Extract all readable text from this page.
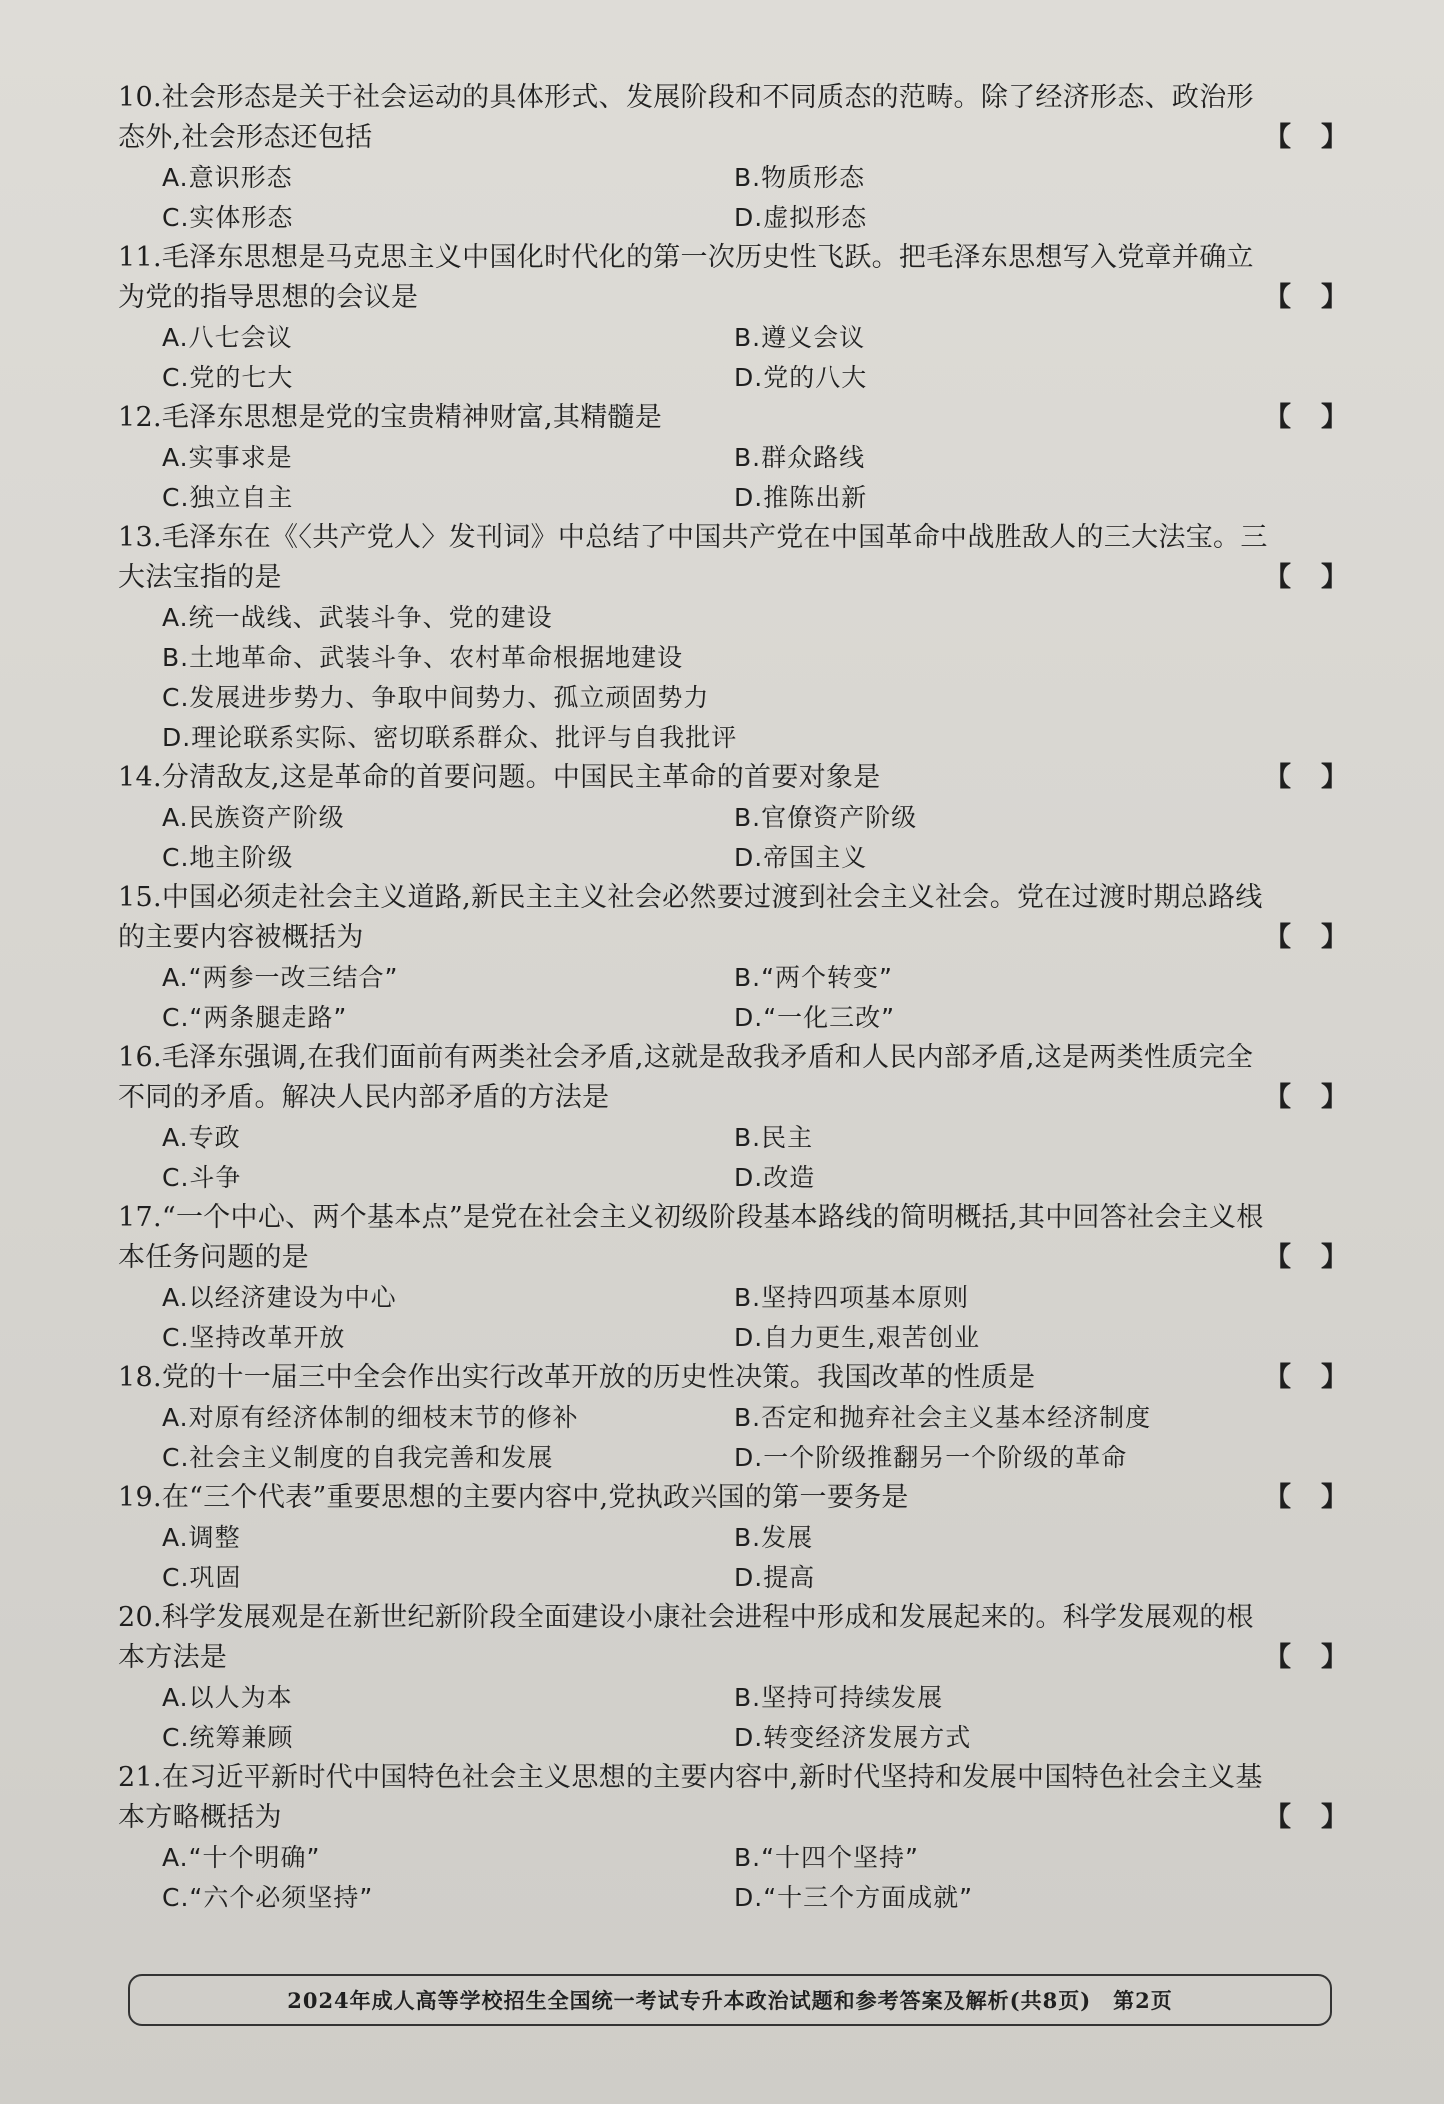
10.社会形态是关于社会运动的具体形式、发展阶段和不同质态的范畴。除了经济形态、政治形态外,社会形态还包括	【】
A.意识形态	B.物质形态
C.实体形态	D.虚拟形态
11.毛泽东思想是马克思主义中国化时代化的第一次历史性飞跃。把毛泽东思想写入党章并确立为党的指导思想的会议是	【】
A.八七会议	B.遵义会议
C.党的七大	D.党的八大
12.毛泽东思想是党的宝贵精神财富,其精髓是	【】
A.实事求是	B.群众路线
C.独立自主	D.推陈出新
13.毛泽东在《〈共产党人〉发刊词》中总结了中国共产党在中国革命中战胜敌人的三大法宝。三大法宝指的是	【】
A.统一战线、武装斗争、党的建设
B.土地革命、武装斗争、农村革命根据地建设
C.发展进步势力、争取中间势力、孤立顽固势力
D.理论联系实际、密切联系群众、批评与自我批评
14.分清敌友,这是革命的首要问题。中国民主革命的首要对象是	【】
A.民族资产阶级	B.官僚资产阶级
C.地主阶级	D.帝国主义
15.中国必须走社会主义道路,新民主主义社会必然要过渡到社会主义社会。党在过渡时期总路线的主要内容被概括为	【】
A.“两参一改三结合”	B.“两个转变”
C.“两条腿走路”	D.“一化三改”
16.毛泽东强调,在我们面前有两类社会矛盾,这就是敌我矛盾和人民内部矛盾,这是两类性质完全不同的矛盾。解决人民内部矛盾的方法是	【】
A.专政	B.民主
C.斗争	D.改造
17.“一个中心、两个基本点”是党在社会主义初级阶段基本路线的简明概括,其中回答社会主义根本任务问题的是	【】
A.以经济建设为中心	B.坚持四项基本原则
C.坚持改革开放	D.自力更生,艰苦创业
18.党的十一届三中全会作出实行改革开放的历史性决策。我国改革的性质是	【】
A.对原有经济体制的细枝末节的修补	B.否定和抛弃社会主义基本经济制度
C.社会主义制度的自我完善和发展	D.一个阶级推翻另一个阶级的革命
19.在“三个代表”重要思想的主要内容中,党执政兴国的第一要务是	【】
A.调整	B.发展
C.巩固	D.提高
20.科学发展观是在新世纪新阶段全面建设小康社会进程中形成和发展起来的。科学发展观的根本方法是	【】
A.以人为本	B.坚持可持续发展
C.统筹兼顾	D.转变经济发展方式
21.在习近平新时代中国特色社会主义思想的主要内容中,新时代坚持和发展中国特色社会主义基本方略概括为	【】
A.“十个明确”	B.“十四个坚持”
C.“六个必须坚持”	D.“十三个方面成就”
2024年成人高等学校招生全国统一考试专升本政治试题和参考答案及解析(共8页) 第2页
